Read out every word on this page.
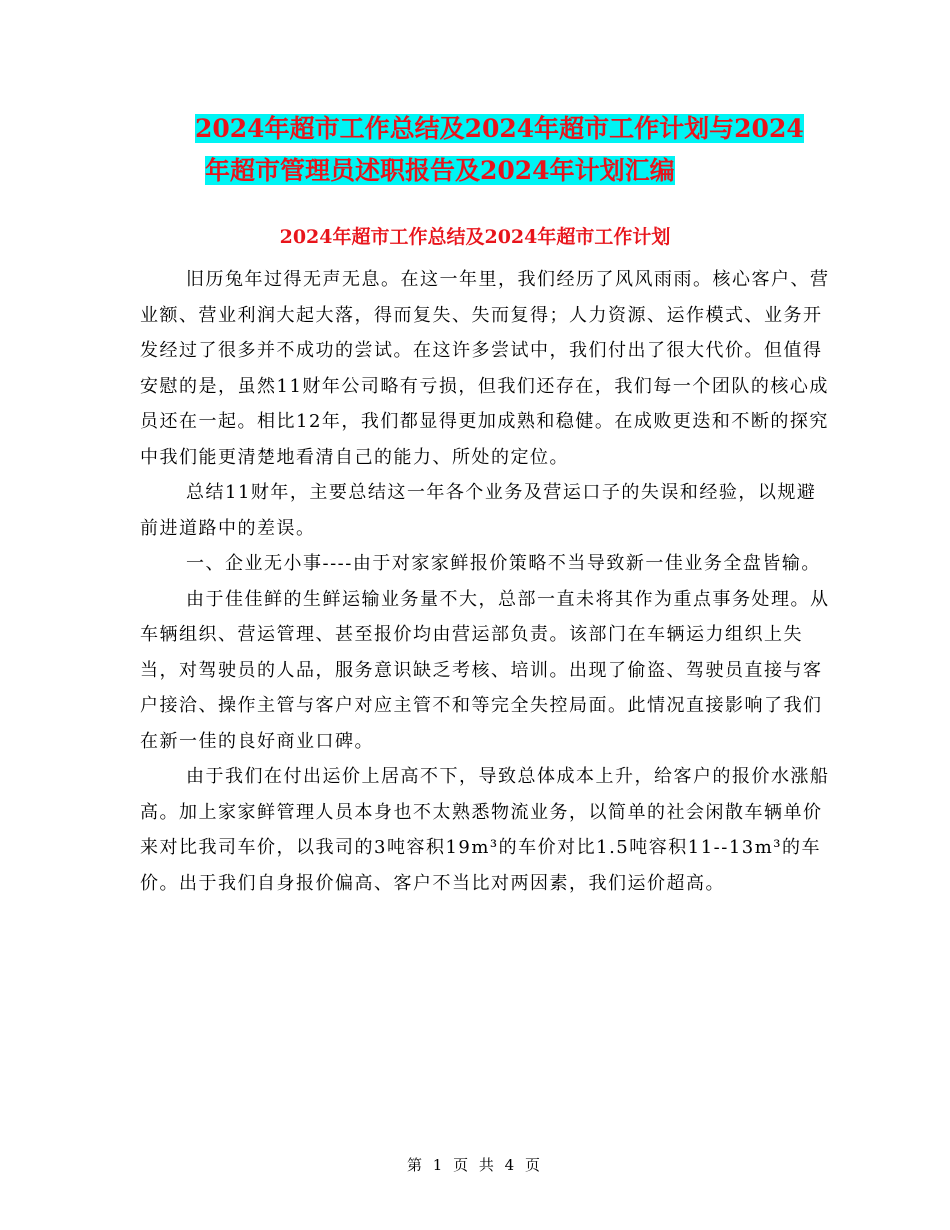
2024年超市工作总结及2024年超市工作计划与2024
年超市管理员述职报告及2024年计划汇编
2024年超市工作总结及2024年超市工作计划

旧历兔年过得无声无息。在这一年里，我们经历了风风雨雨。核心客户、营业额、营业利润大起大落，得而复失、失而复得；人力资源、运作模式、业务开发经过了很多并不成功的尝试。在这许多尝试中，我们付出了很大代价。但值得安慰的是，虽然11财年公司略有亏损，但我们还存在，我们每一个团队的核心成员还在一起。相比12年，我们都显得更加成熟和稳健。在成败更迭和不断的探究中我们能更清楚地看清自己的能力、所处的定位。

总结11财年，主要总结这一年各个业务及营运口子的失误和经验，以规避前进道路中的差误。

一、企业无小事----由于对家家鲜报价策略不当导致新一佳业务全盘皆输。

由于佳佳鲜的生鲜运输业务量不大，总部一直未将其作为重点事务处理。从车辆组织、营运管理、甚至报价均由营运部负责。该部门在车辆运力组织上失当，对驾驶员的人品，服务意识缺乏考核、培训。出现了偷盗、驾驶员直接与客户接洽、操作主管与客户对应主管不和等完全失控局面。此情况直接影响了我们在新一佳的良好商业口碑。

由于我们在付出运价上居高不下，导致总体成本上升，给客户的报价水涨船高。加上家家鲜管理人员本身也不太熟悉物流业务，以简单的社会闲散车辆单价来对比我司车价，以我司的3吨容积19m³的车价对比1.5吨容积11--13m³的车价。出于我们自身报价偏高、客户不当比对两因素，我们运价超高。

第 1 页 共 4 页
